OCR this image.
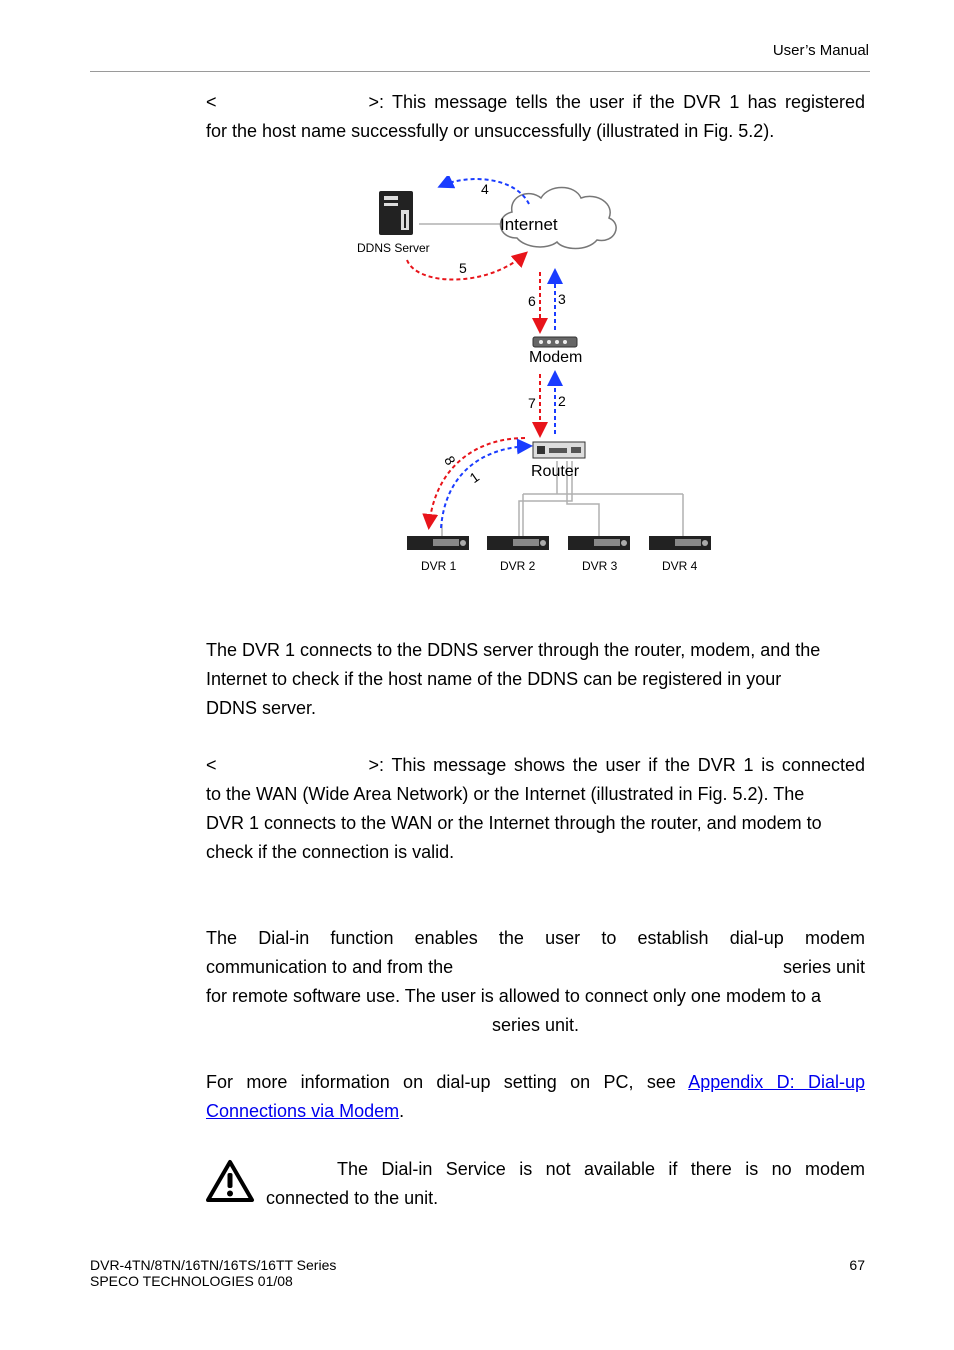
User’s Manual
<	>: This message tells the user if the DVR 1 has registered
for the host name successfully or unsuccessfully (illustrated in Fig. 5.2).
DDNS Server
Internet
Modem
Router
DVR 1	DVR 2	DVR 3	DVR 4
4
5
6 3
7 2
8
1
The DVR 1 connects to the DDNS server through the router, modem, and the
Internet to check if the host name of the DDNS can be registered in your
DDNS server.
<	>: This message shows the user if the DVR 1 is connected
to the WAN (Wide Area Network) or the Internet (illustrated in Fig. 5.2). The
DVR 1 connects to the WAN or the Internet through the router, and modem to
check if the connection is valid.
The Dial-in function enables the user to establish dial-up modem
communication to and from the	series unit
for remote software use. The user is allowed to connect only one modem to a
series unit.
For more information on dial-up setting on PC, see Appendix D: Dial-up
Connections via Modem.
The Dial-in Service is not available if there is no modem
connected to the unit.
DVR-4TN/8TN/16TN/16TS/16TT Series
SPECO TECHNOLOGIES 01/08
67
